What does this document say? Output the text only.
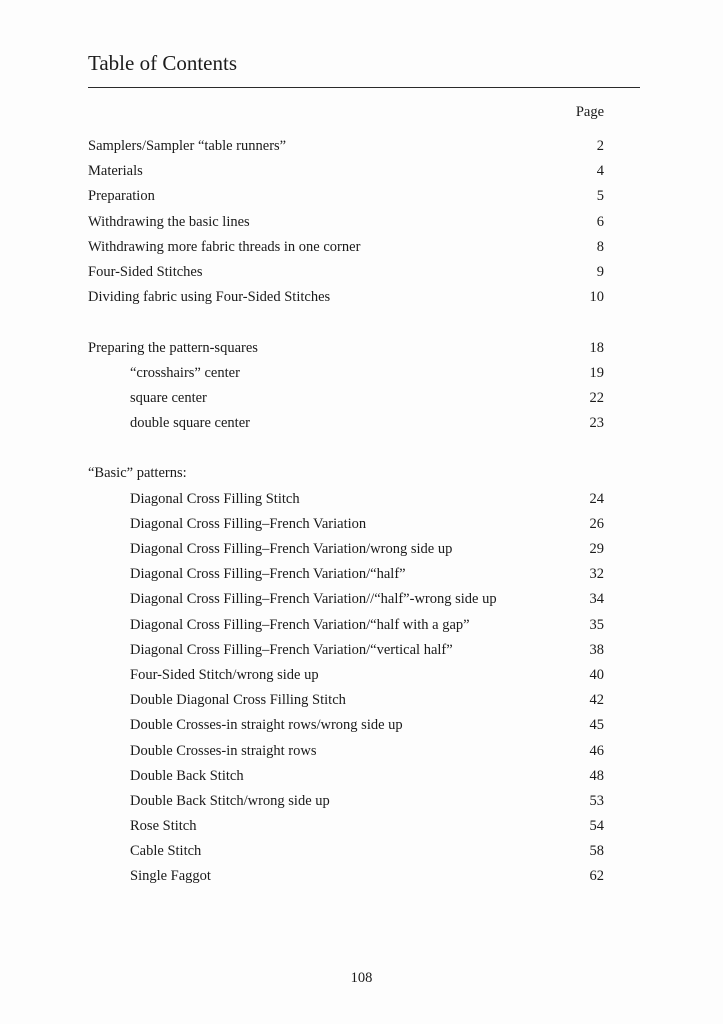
Table of Contents
Page
Samplers/Sampler “table runners”	2
Materials	4
Preparation	5
Withdrawing the basic lines	6
Withdrawing more fabric threads in one corner	8
Four-Sided Stitches	9
Dividing fabric using Four-Sided Stitches	10
Preparing the pattern-squares	18
“crosshairs” center	19
square center	22
double square center	23
“Basic” patterns:
Diagonal Cross Filling Stitch	24
Diagonal Cross Filling–French Variation	26
Diagonal Cross Filling–French Variation/wrong side up	29
Diagonal Cross Filling–French Variation/“half”	32
Diagonal Cross Filling–French Variation//“half”-wrong side up	34
Diagonal Cross Filling–French Variation/“half with a gap”	35
Diagonal Cross Filling–French Variation/“vertical half”	38
Four-Sided Stitch/wrong side up	40
Double Diagonal Cross Filling Stitch	42
Double Crosses-in straight rows/wrong side up	45
Double Crosses-in straight rows	46
Double Back Stitch	48
Double Back Stitch/wrong side up	53
Rose Stitch	54
Cable Stitch	58
Single Faggot	62
108
